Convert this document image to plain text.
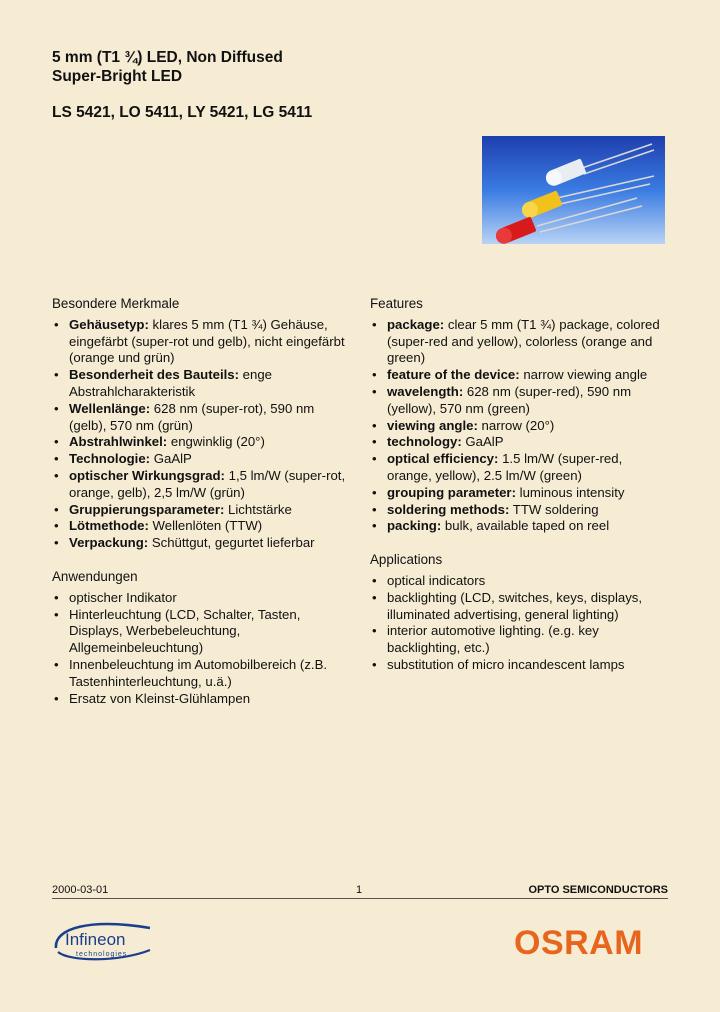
5 mm (T1 ¾) LED, Non Diffused
Super-Bright LED
LS 5421, LO 5411, LY 5421, LG 5411
Besondere Merkmale
• Gehäusetyp: klares 5 mm (T1 ¾) Gehäuse, eingefärbt (super-rot und gelb), nicht eingefärbt (orange und grün)
• Besonderheit des Bauteils: enge Abstrahlcharakteristik
• Wellenlänge: 628 nm (super-rot), 590 nm (gelb), 570 nm (grün)
• Abstrahlwinkel: engwinklig (20°)
• Technologie: GaAlP
• optischer Wirkungsgrad: 1,5 lm/W (super-rot, orange, gelb), 2,5 lm/W (grün)
• Gruppierungsparameter: Lichtstärke
• Lötmethode: Wellenlöten (TTW)
• Verpackung: Schüttgut, gegurtet lieferbar
Anwendungen
• optischer Indikator
• Hinterleuchtung (LCD, Schalter, Tasten, Displays, Werbebeleuchtung, Allgemeinbeleuchtung)
• Innenbeleuchtung im Automobilbereich (z.B. Tastenhinterleuchtung, u.ä.)
• Ersatz von Kleinst-Glühlampen
Features
• package: clear 5 mm (T1 ¾) package, colored (super-red and yellow), colorless (orange and green)
• feature of the device: narrow viewing angle
• wavelength: 628 nm (super-red), 590 nm (yellow), 570 nm (green)
• viewing angle: narrow (20°)
• technology: GaAlP
• optical efficiency: 1.5 lm/W (super-red, orange, yellow), 2.5 lm/W (green)
• grouping parameter: luminous intensity
• soldering methods: TTW soldering
• packing: bulk, available taped on reel
Applications
• optical indicators
• backlighting (LCD, switches, keys, displays, illuminated advertising, general lighting)
• interior automotive lighting. (e.g. key backlighting, etc.)
• substitution of micro incandescent lamps
2000-03-01	1	OPTO SEMICONDUCTORS
Infineon
technologies	OSRAM
